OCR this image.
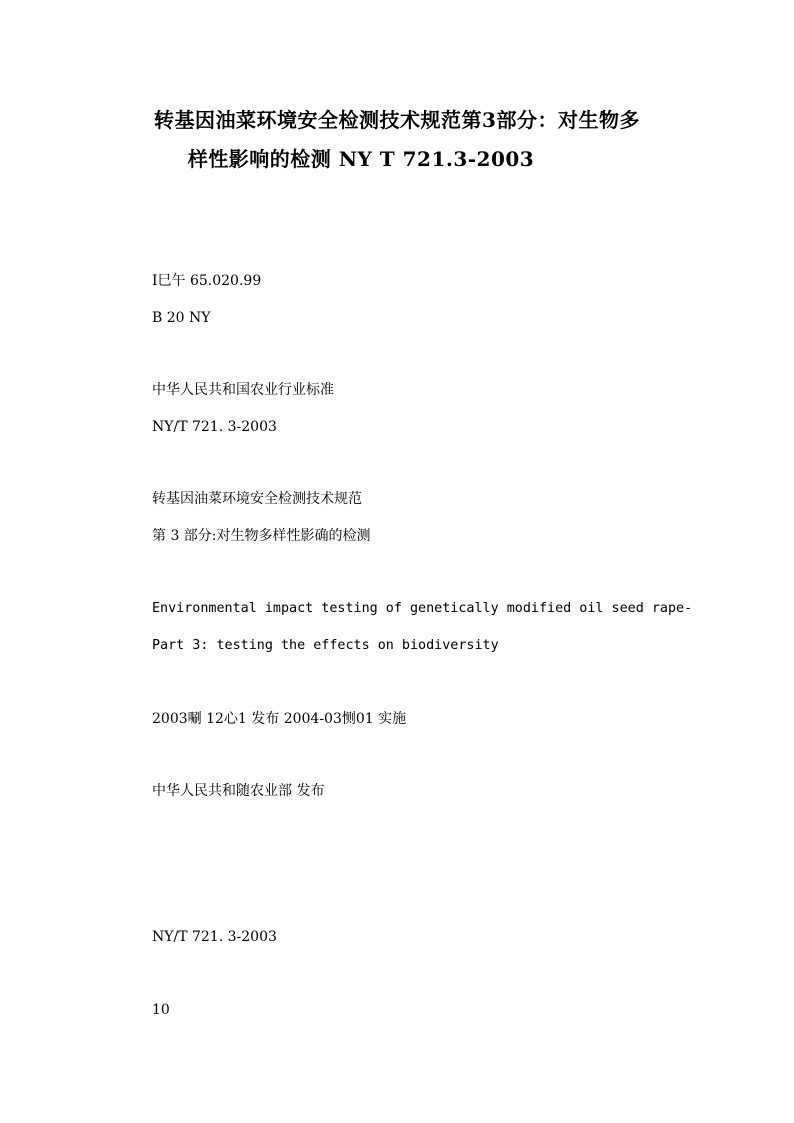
转基因油菜环境安全检测技术规范第3部分：对生物多
样性影响的检测 NY T 721.3-2003
I巳午 65.020.99
B 20 NY
中华人民共和国农业行业标准
NY/T 721. 3-2003
转基因油菜环境安全检测技术规范
第 3 部分:对生物多样性影确的检测
Environmental impact testing of genetically modified oil seed rape-
Part 3: testing the effects on biodiversity
2003唰 12心1 发布 2004-03恻01 实施
中华人民共和随农业部 发布
NY/T 721. 3-2003
10
